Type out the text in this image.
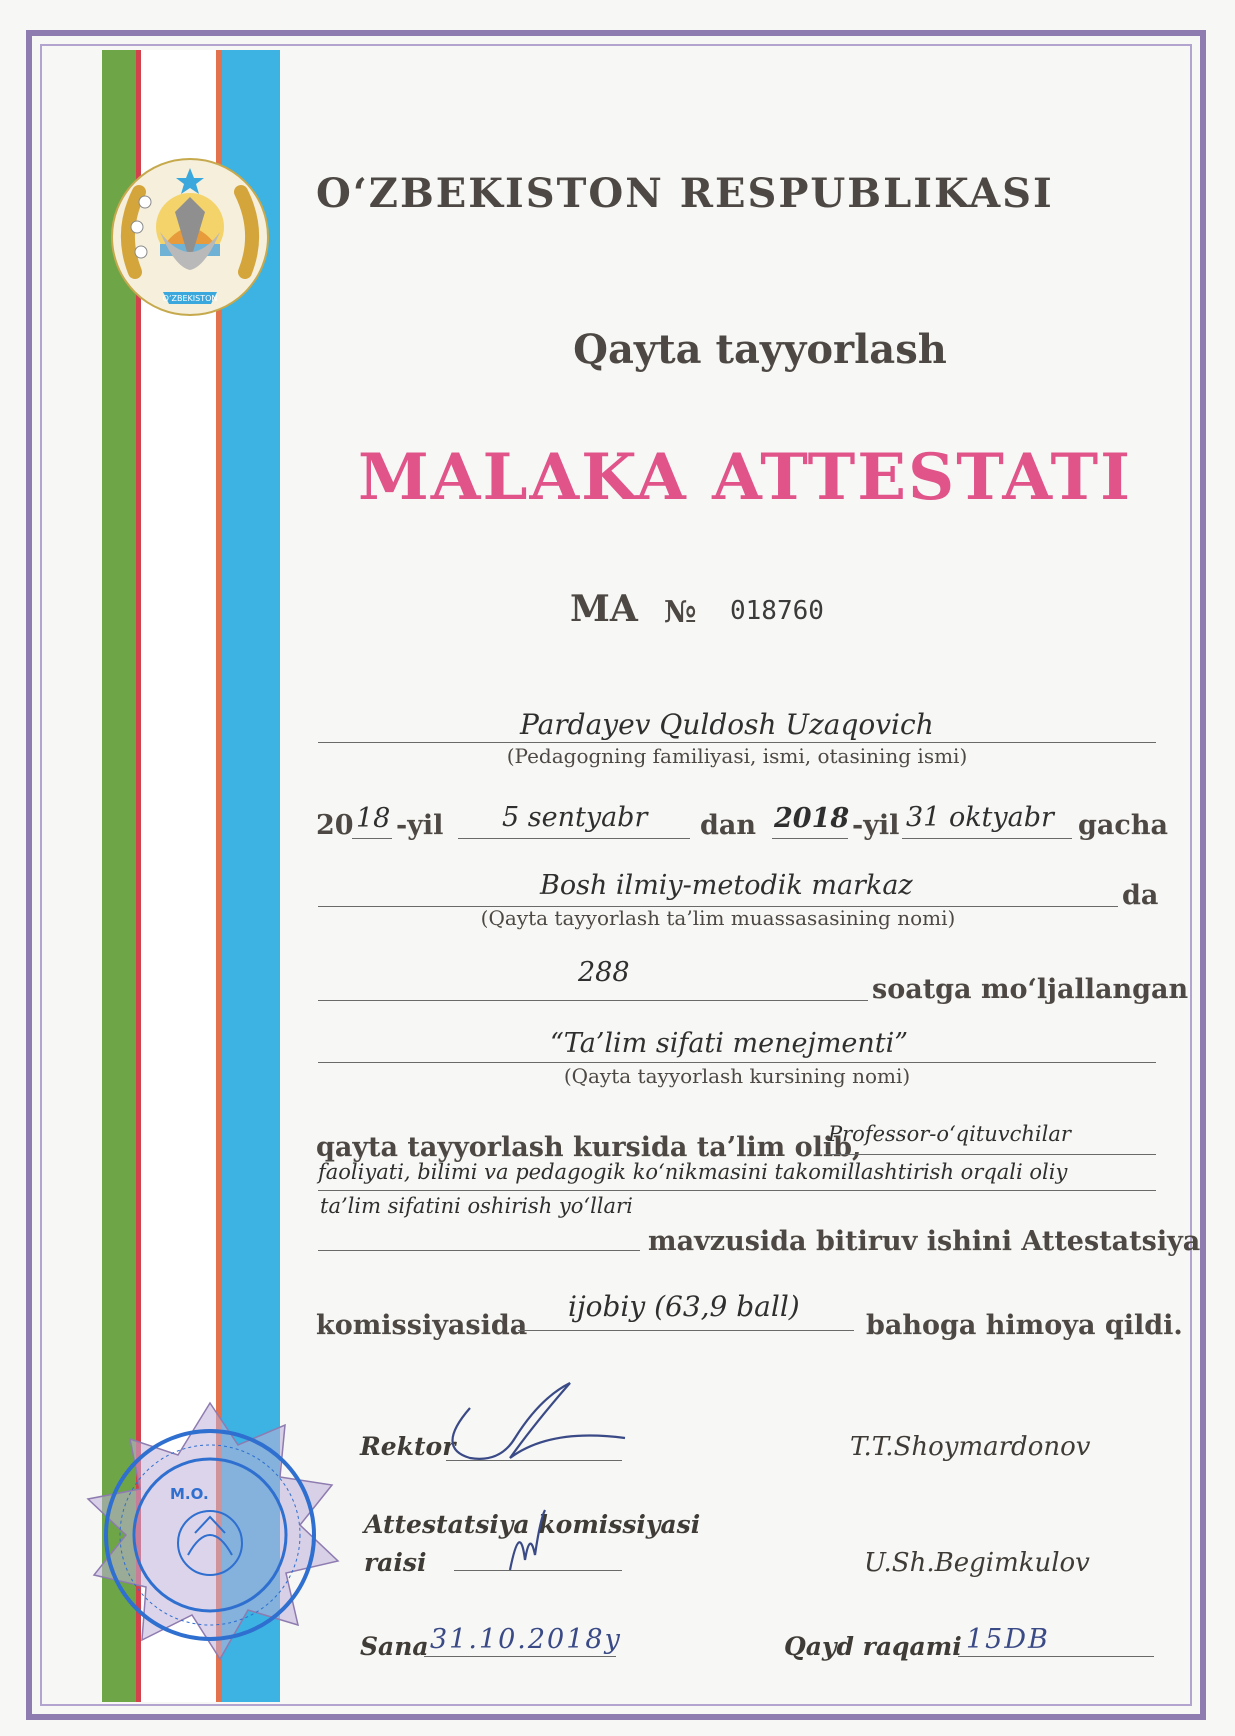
O‘ZBEKISTON
O‘ZBEKISTON RESPUBLIKASI
Qayta tayyorlash
MALAKA ATTESTATI
MA № 018760
Pardayev Quldosh Uzaqovich
(Pedagogning familiyasi, ismi, otasining ismi)
20 18 -yil 5 sentyabr dan 2018 -yil 31 oktyabr gacha
Bosh ilmiy-metodik markaz	da
(Qayta tayyorlash ta’lim muassasasining nomi)
288
soatga mo‘ljallangan
“Ta’lim sifati menejmenti”
(Qayta tayyorlash kursining nomi)
qayta tayyorlash kursida ta’lim olib,
Professor-o‘qituvchilar
faoliyati, bilimi va pedagogik ko‘nikmasini takomillashtirish orqali oliy
ta’lim sifatini oshirish yo‘llari
mavzusida bitiruv ishini Attestatsiya
komissiyasida
ijobiy (63,9 ball)
bahoga himoya qildi.
Rektor	T.T.Shoymardonov
Attestatsiya komissiyasi
raisi	U.Sh.Begimkulov
Sana 31.10.2018y	Qayd raqami 15DB
M.O.
